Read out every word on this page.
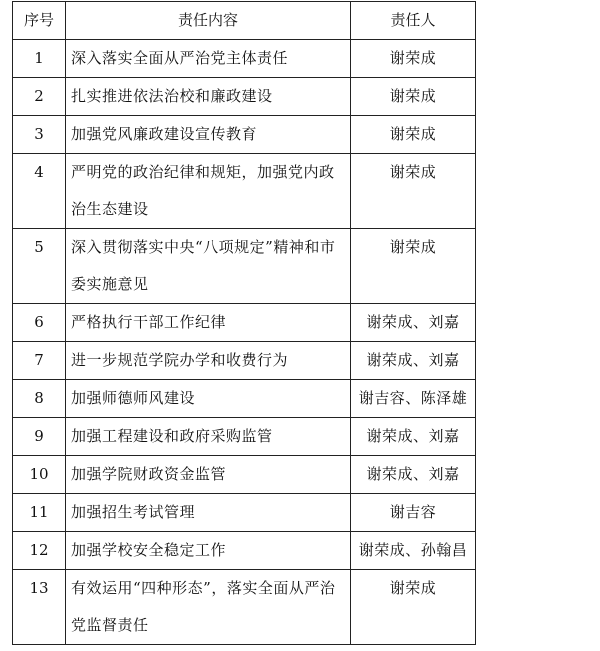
序号	责任内容	责任人
1	深入落实全面从严治党主体责任	谢荣成
2	扎实推进依法治校和廉政建设	谢荣成
3	加强党风廉政建设宣传教育	谢荣成
4	严明党的政治纪律和规矩，加强党内政治生态建设	谢荣成
5	深入贯彻落实中央“八项规定”精神和市委实施意见	谢荣成
6	严格执行干部工作纪律	谢荣成、刘嘉
7	进一步规范学院办学和收费行为	谢荣成、刘嘉
8	加强师德师风建设	谢吉容、陈泽雄
9	加强工程建设和政府采购监管	谢荣成、刘嘉
10	加强学院财政资金监管	谢荣成、刘嘉
11	加强招生考试管理	谢吉容
12	加强学校安全稳定工作	谢荣成、孙翰昌
13	有效运用“四种形态”，落实全面从严治党监督责任	谢荣成
